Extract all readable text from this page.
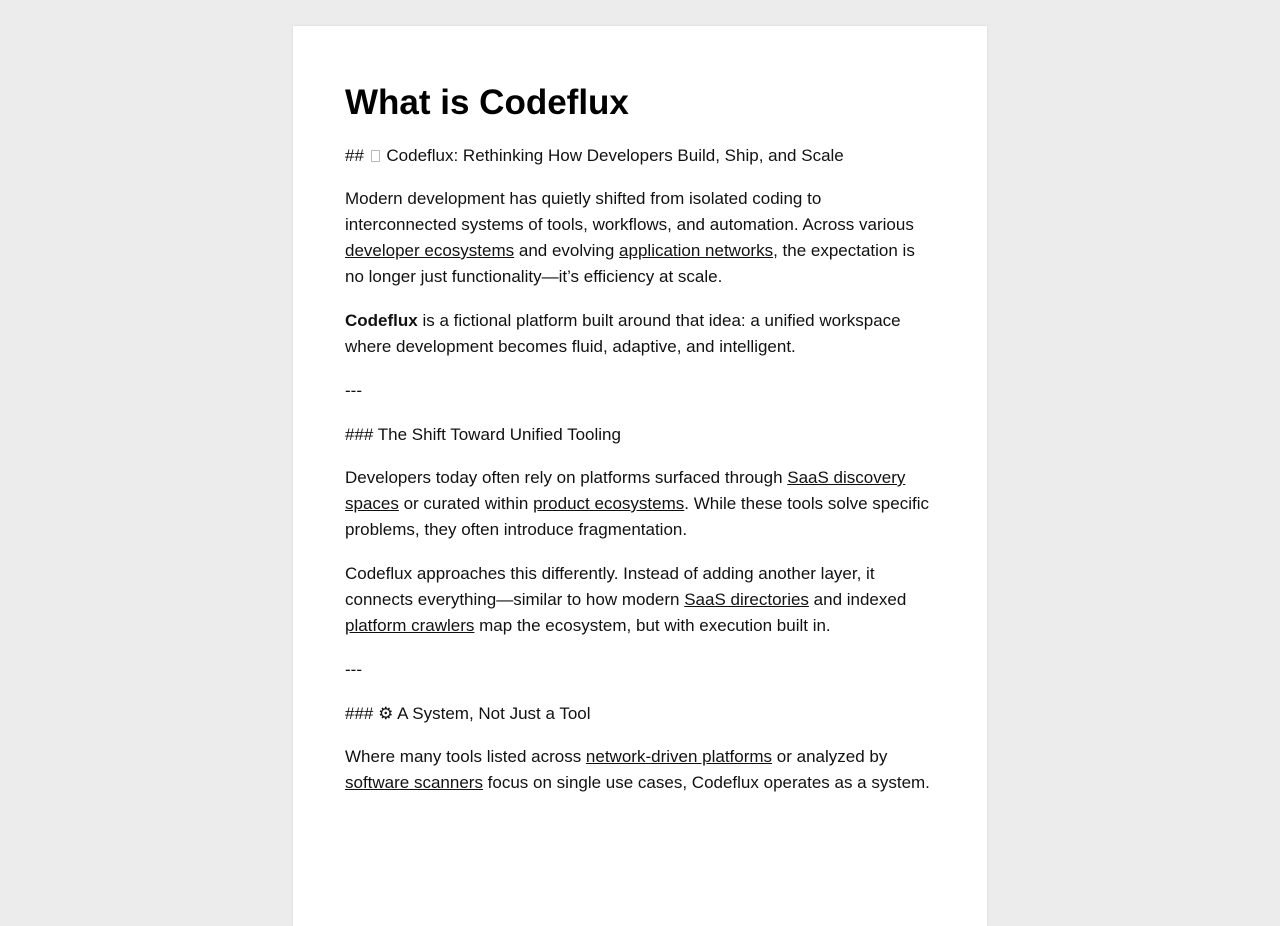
What is Codeflux

## Codeflux: Rethinking How Developers Build, Ship, and Scale

Modern development has quietly shifted from isolated coding to interconnected systems of tools, workflows, and automation. Across various developer ecosystems and evolving application networks, the expectation is no longer just functionality—it’s efficiency at scale.

Codeflux is a fictional platform built around that idea: a unified workspace where development becomes fluid, adaptive, and intelligent.

---

### The Shift Toward Unified Tooling

Developers today often rely on platforms surfaced through SaaS discovery spaces or curated within product ecosystems. While these tools solve specific problems, they often introduce fragmentation.

Codeflux approaches this differently. Instead of adding another layer, it connects everything—similar to how modern SaaS directories and indexed platform crawlers map the ecosystem, but with execution built in.

---

### ⚙ A System, Not Just a Tool

Where many tools listed across network-driven platforms or analyzed by software scanners focus on single use cases, Codeflux operates as a system.
